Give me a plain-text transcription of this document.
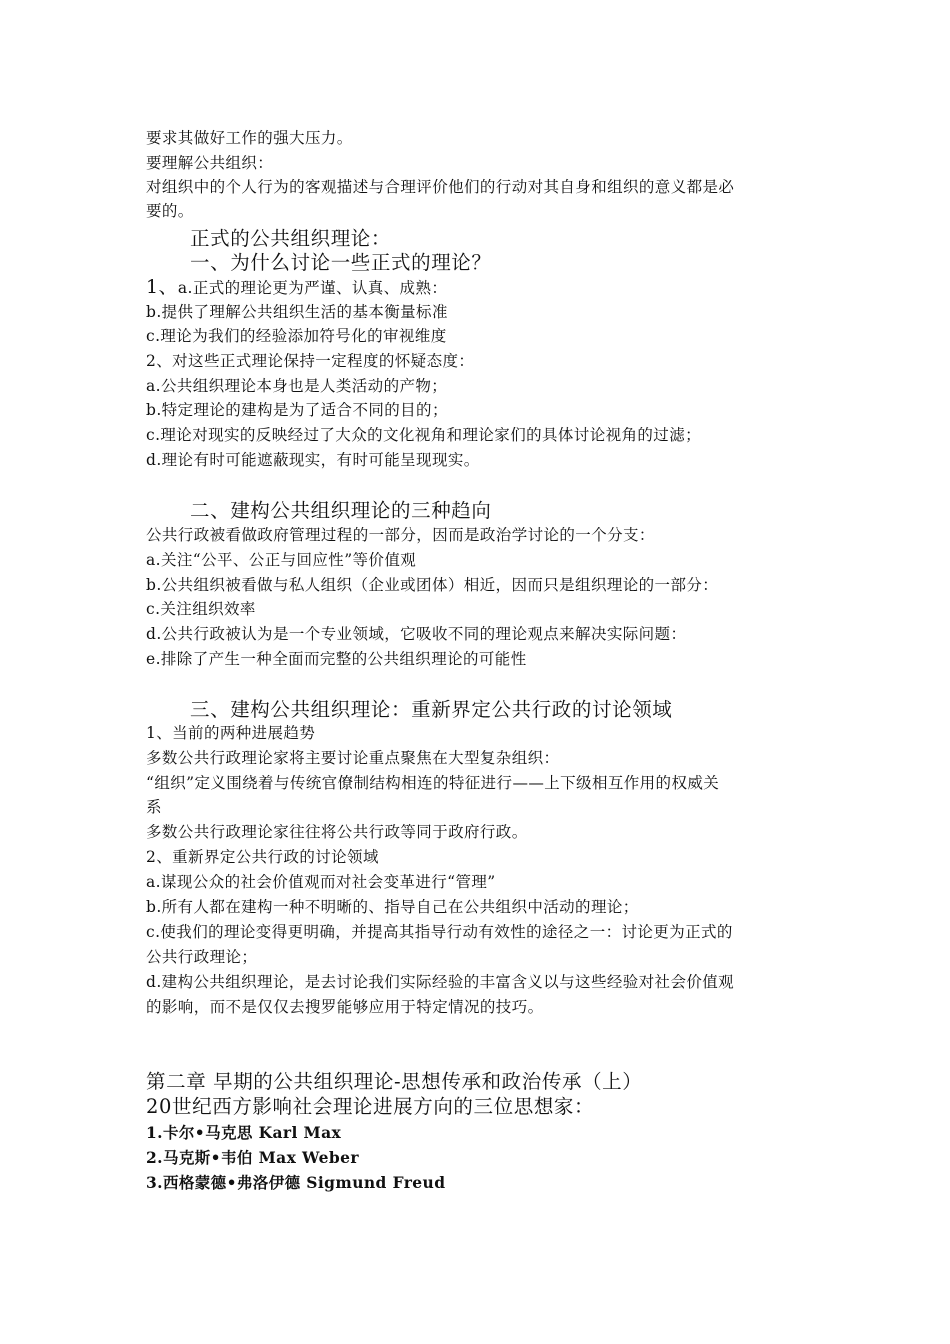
要求其做好工作的强大压力。
要理解公共组织：
对组织中的个人行为的客观描述与合理评价他们的行动对其自身和组织的意义都是必
要的。
正式的公共组织理论：
一、为什么讨论一些正式的理论？
1、a.正式的理论更为严谨、认真、成熟：
b.提供了理解公共组织生活的基本衡量标准
c.理论为我们的经验添加符号化的审视维度
2、对这些正式理论保持一定程度的怀疑态度：
a.公共组织理论本身也是人类活动的产物；
b.特定理论的建构是为了适合不同的目的；
c.理论对现实的反映经过了大众的文化视角和理论家们的具体讨论视角的过滤；
d.理论有时可能遮蔽现实，有时可能呈现现实。
二、建构公共组织理论的三种趋向
公共行政被看做政府管理过程的一部分，因而是政治学讨论的一个分支：
a.关注“公平、公正与回应性”等价值观
b.公共组织被看做与私人组织（企业或团体）相近，因而只是组织理论的一部分：
c.关注组织效率
d.公共行政被认为是一个专业领域，它吸收不同的理论观点来解决实际问题：
e.排除了产生一种全面而完整的公共组织理论的可能性
三、建构公共组织理论：重新界定公共行政的讨论领域
1、当前的两种进展趋势
多数公共行政理论家将主要讨论重点聚焦在大型复杂组织：
“组织”定义围绕着与传统官僚制结构相连的特征进行——上下级相互作用的权威关
系
多数公共行政理论家往往将公共行政等同于政府行政。
2、重新界定公共行政的讨论领域
a.谋现公众的社会价值观而对社会变革进行“管理”
b.所有人都在建构一种不明晰的、指导自己在公共组织中活动的理论；
c.使我们的理论变得更明确，并提高其指导行动有效性的途径之一：讨论更为正式的
公共行政理论；
d.建构公共组织理论，是去讨论我们实际经验的丰富含义以与这些经验对社会价值观
的影响，而不是仅仅去搜罗能够应用于特定情况的技巧。
第二章 早期的公共组织理论-思想传承和政治传承（上）
20世纪西方影响社会理论进展方向的三位思想家：
1.卡尔•马克思 Karl Max
2.马克斯•韦伯 Max Weber
3.西格蒙德•弗洛伊德 Sigmund Freud
